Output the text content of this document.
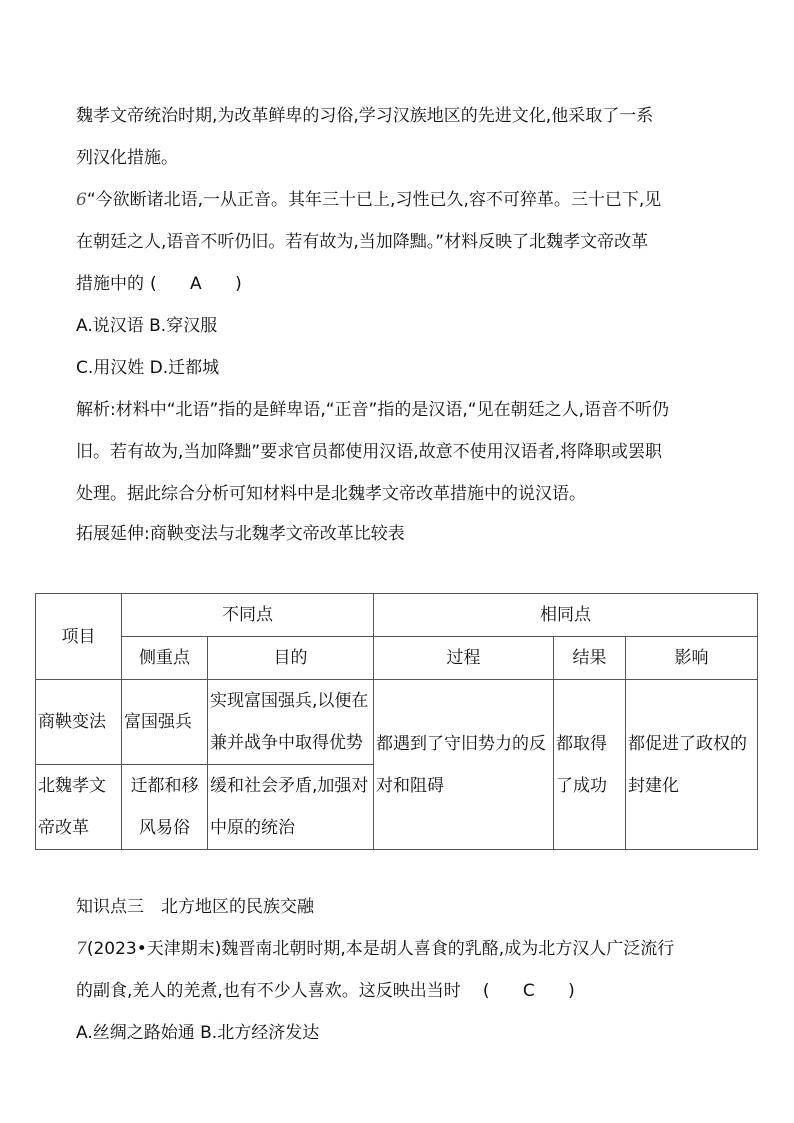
魏孝文帝统治时期,为改革鲜卑的习俗,学习汉族地区的先进文化,他采取了一系
列汉化措施。
6“今欲断诸北语,一从正音。其年三十已上,习性已久,容不可猝革。三十已下,见
在朝廷之人,语音不听仍旧。若有故为,当加降黜。”材料反映了北魏孝文帝改革
措施中的 ( A )
A.说汉语 B.穿汉服
C.用汉姓 D.迁都城
解析:材料中“北语”指的是鲜卑语,“正音”指的是汉语,“见在朝廷之人,语音不听仍
旧。若有故为,当加降黜”要求官员都使用汉语,故意不使用汉语者,将降职或罢职
处理。据此综合分析可知材料中是北魏孝文帝改革措施中的说汉语。
拓展延伸:商鞅变法与北魏孝文帝改革比较表
项目	不同点		相同点		
	侧重点	目的	过程	结果	影响
商鞅变法	富国强兵	实现富国强兵,以便在兼并战争中取得优势	都遇到了守旧势力的反对和阻碍	都取得了成功	都促进了政权的封建化
北魏孝文帝改革	迁都和移风易俗	缓和社会矛盾,加强对中原的统治			
知识点三　北方地区的民族交融
7(2023•天津期末)魏晋南北朝时期,本是胡人喜食的乳酪,成为北方汉人广泛流行
的副食,羌人的羌煮,也有不少人喜欢。这反映出当时 ( C )
A.丝绸之路始通 B.北方经济发达
